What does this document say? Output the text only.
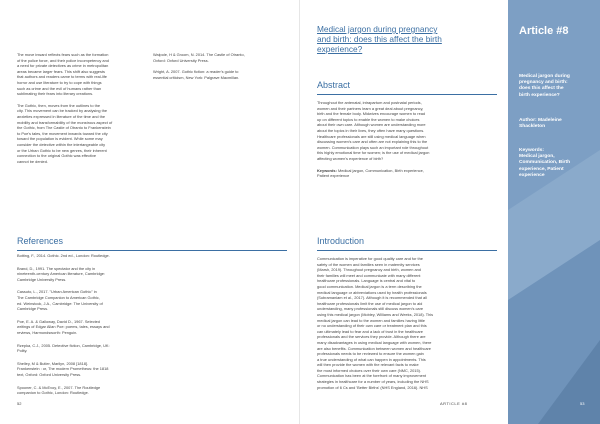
The move inward reflects fears such as the formation
of the police force, and their police incompetency and
a need for private detectives as crime in metropolitan
areas became larger fears. This shift also suggests
that authors and readers came to terms with real-life
horror and use literature to try to cope with things
such as crime and the evil of humans rather than
sublimating their fears into literary creations.

The Gothic, then, moves from the outlines to the
city. This movement can be tracked by analysing the
anxieties expressed in literature of the time and the
mobility and transformability of the monstrous aspect of
the Gothic, from The Castle of Otranto to Frankenstein
to Poe's tales, the movement inwards toward the city
toward the population is evident. While some may
consider the detective within the intertangeable city
or the Urban Gothic to be new genres, their inherent
connection to the original Gothic was effective
cannot be denied.

Walpole, H & Groom, N. 2014. The Castle of Otranto,
Oxford: Oxford University Press.

Wright, A. 2007. Gothic fiction: a reader's guide to
essential criticism, New York: Palgrave Macmillan.

References

Botting, F., 2014. Gothic. 2nd ed., London: Routledge.

Brand, D., 1991. The spectator and the city in
nineteenth-century American literature, Cambridge:
Cambridge University Press.

Cassuto, L., 2017. "Urban American Gothic" in
The Cambridge Companion to American Gothic,
ed. Weinstock, J.A., Cambridge: The University of
Cambridge Press.

Poe, E. A. & Galloway, David D., 1967. Selected
writings of Edgar Allan Poe: poems, tales, essays and
reviews, Harmondsworth: Penguin.

Rzepka, C.J., 2005. Detective fiction, Cambridge, UK:
Polity.

Shelley, M & Butler, Marilyn, 2008 [1818].
Frankenstein : or, The modern Prometheus: the 1818
text, Oxford: Oxford University Press.

Spooner, C. & McEvoy, E., 2007. The Routledge
companion to Gothic, London: Routledge.

52
Medical jargon during pregnancy
and birth: does this affect the birth
experience?
Abstract

Throughout the antenatal, intrapartum and postnatal periods,
women and their partners learn a great deal about pregnancy,
birth and the female body. Midwives encourage women to read
up on different topics to enable the women to make choices
about their own care. Although women are understanding more
about the topics in their lives, they often have many questions.
Healthcare professionals are still using medical language when
discussing women's care and often are not explaining this to the
women. Communication plays such an important role throughout
this highly emotional time for women; is the use of medical jargon
affecting women's experience of birth?

Keywords: Medical jargon, Communication, Birth experience,
Patient experience

Introduction

Communication is imperative for good quality care and for the
safety of the women and families seen in maternity services
(Marsh, 2019). Throughout pregnancy and birth, women and
their families will meet and communicate with many different
healthcare professionals. Language is central and vital to
good communication. Medical jargon is a term describing the
medical language or abbreviations used by health professionals
(Subramaniam et al., 2017). Although it is recommended that all
healthcare professionals limit the use of medical jargon to aid
understanding, many professionals still discuss women's care
using this medical jargon (Mobley, Williams and Weeks, 2018). This
medical jargon can lead to the women and families having little
or no understanding of their own care or treatment plan and this
can ultimately lead to fear and a lack of trust in the healthcare
professionals and the services they provide. Although there are
many disadvantages in using medical language with women, there
are also benefits. Communication between women and healthcare
professionals needs to be reviewed to ensure the women gain
a true understanding of what can happen in appointments. This
will then provide the women with the relevant facts to make
the most informed choices over their own care (NMC, 2015).
Communication has been at the forefront of many improvement
strategies in healthcare for a number of years, including the NHS
promotion of 6 Cs and 'Better Births' (NHS England, 2016). NHS

ARTICLE #8
Article #8
Medical jargon during
pregnancy and birth:
does this affect the
birth experience?
Author: Madeleine
Shackleton
Keywords:
Medical jargon,
Communication, Birth
experience, Patient
experience
53
